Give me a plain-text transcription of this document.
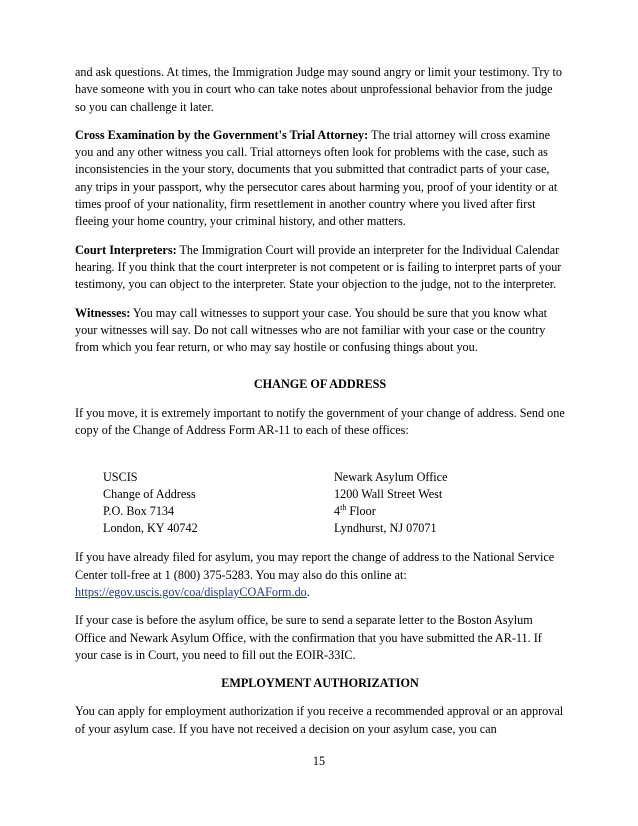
and ask questions. At times, the Immigration Judge may sound angry or limit your testimony. Try to have someone with you in court who can take notes about unprofessional behavior from the judge so you can challenge it later.

Cross Examination by the Government's Trial Attorney: The trial attorney will cross examine you and any other witness you call. Trial attorneys often look for problems with the case, such as inconsistencies in the your story, documents that you submitted that contradict parts of your case, any trips in your passport, why the persecutor cares about harming you, proof of your identity or at times proof of your nationality, firm resettlement in another country where you lived after first fleeing your home country, your criminal history, and other matters.

Court Interpreters: The Immigration Court will provide an interpreter for the Individual Calendar hearing. If you think that the court interpreter is not competent or is failing to interpret parts of your testimony, you can object to the interpreter. State your objection to the judge, not to the interpreter.

Witnesses: You may call witnesses to support your case. You should be sure that you know what your witnesses will say. Do not call witnesses who are not familiar with your case or the country from which you fear return, or who may say hostile or confusing things about you.

CHANGE OF ADDRESS

If you move, it is extremely important to notify the government of your change of address. Send one copy of the Change of Address Form AR-11 to each of these offices:

USCIS
Change of Address
P.O. Box 7134
London, KY 40742
Newark Asylum Office
1200 Wall Street West
4th Floor
Lyndhurst, NJ 07071

If you have already filed for asylum, you may report the change of address to the National Service Center toll-free at 1 (800) 375-5283. You may also do this online at: https://egov.uscis.gov/coa/displayCOAForm.do.

If your case is before the asylum office, be sure to send a separate letter to the Boston Asylum Office and Newark Asylum Office, with the confirmation that you have submitted the AR-11. If your case is in Court, you need to fill out the EOIR-33IC.

EMPLOYMENT AUTHORIZATION

You can apply for employment authorization if you receive a recommended approval or an approval of your asylum case. If you have not received a decision on your asylum case, you can

15
